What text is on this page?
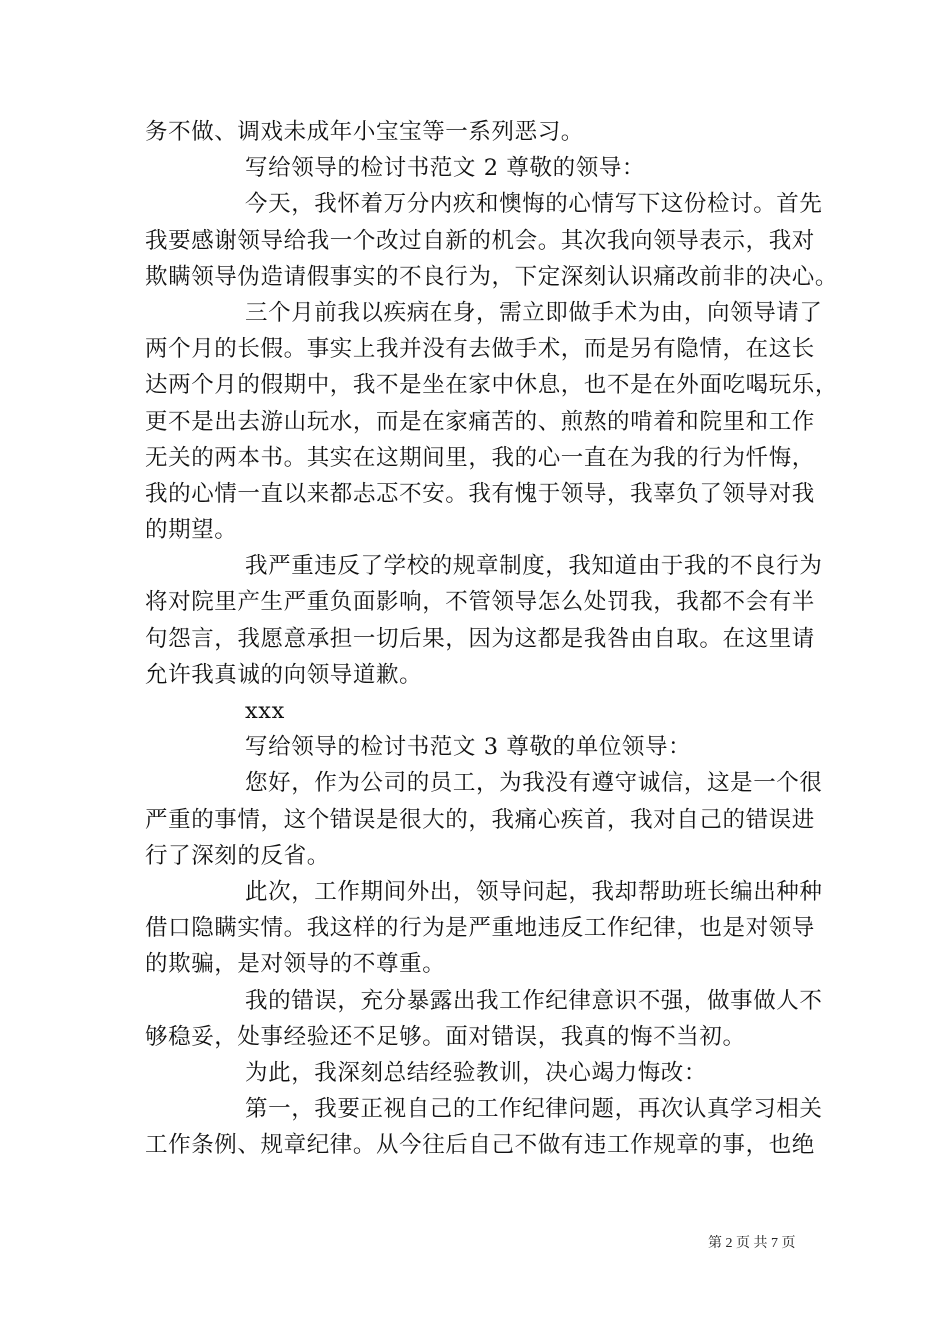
务不做、调戏未成年小宝宝等一系列恶习。
写给领导的检讨书范文 2 尊敬的领导：
今天，我怀着万分内疚和懊悔的心情写下这份检讨。首先
我要感谢领导给我一个改过自新的机会。其次我向领导表示，我对
欺瞒领导伪造请假事实的不良行为，下定深刻认识痛改前非的决心。
三个月前我以疾病在身，需立即做手术为由，向领导请了
两个月的长假。事实上我并没有去做手术，而是另有隐情，在这长
达两个月的假期中，我不是坐在家中休息，也不是在外面吃喝玩乐，
更不是出去游山玩水，而是在家痛苦的、煎熬的啃着和院里和工作
无关的两本书。其实在这期间里，我的心一直在为我的行为忏悔，
我的心情一直以来都忐忑不安。我有愧于领导，我辜负了领导对我
的期望。
我严重违反了学校的规章制度，我知道由于我的不良行为
将对院里产生严重负面影响，不管领导怎么处罚我，我都不会有半
句怨言，我愿意承担一切后果，因为这都是我咎由自取。在这里请
允许我真诚的向领导道歉。
xxx
写给领导的检讨书范文 3 尊敬的单位领导：
您好，作为公司的员工，为我没有遵守诚信，这是一个很
严重的事情，这个错误是很大的，我痛心疾首，我对自己的错误进
行了深刻的反省。
此次，工作期间外出，领导问起，我却帮助班长编出种种
借口隐瞒实情。我这样的行为是严重地违反工作纪律，也是对领导
的欺骗，是对领导的不尊重。
我的错误，充分暴露出我工作纪律意识不强，做事做人不
够稳妥，处事经验还不足够。面对错误，我真的悔不当初。
为此，我深刻总结经验教训，决心竭力悔改：
第一，我要正视自己的工作纪律问题，再次认真学习相关
工作条例、规章纪律。从今往后自己不做有违工作规章的事，也绝
第 2 页 共 7 页
